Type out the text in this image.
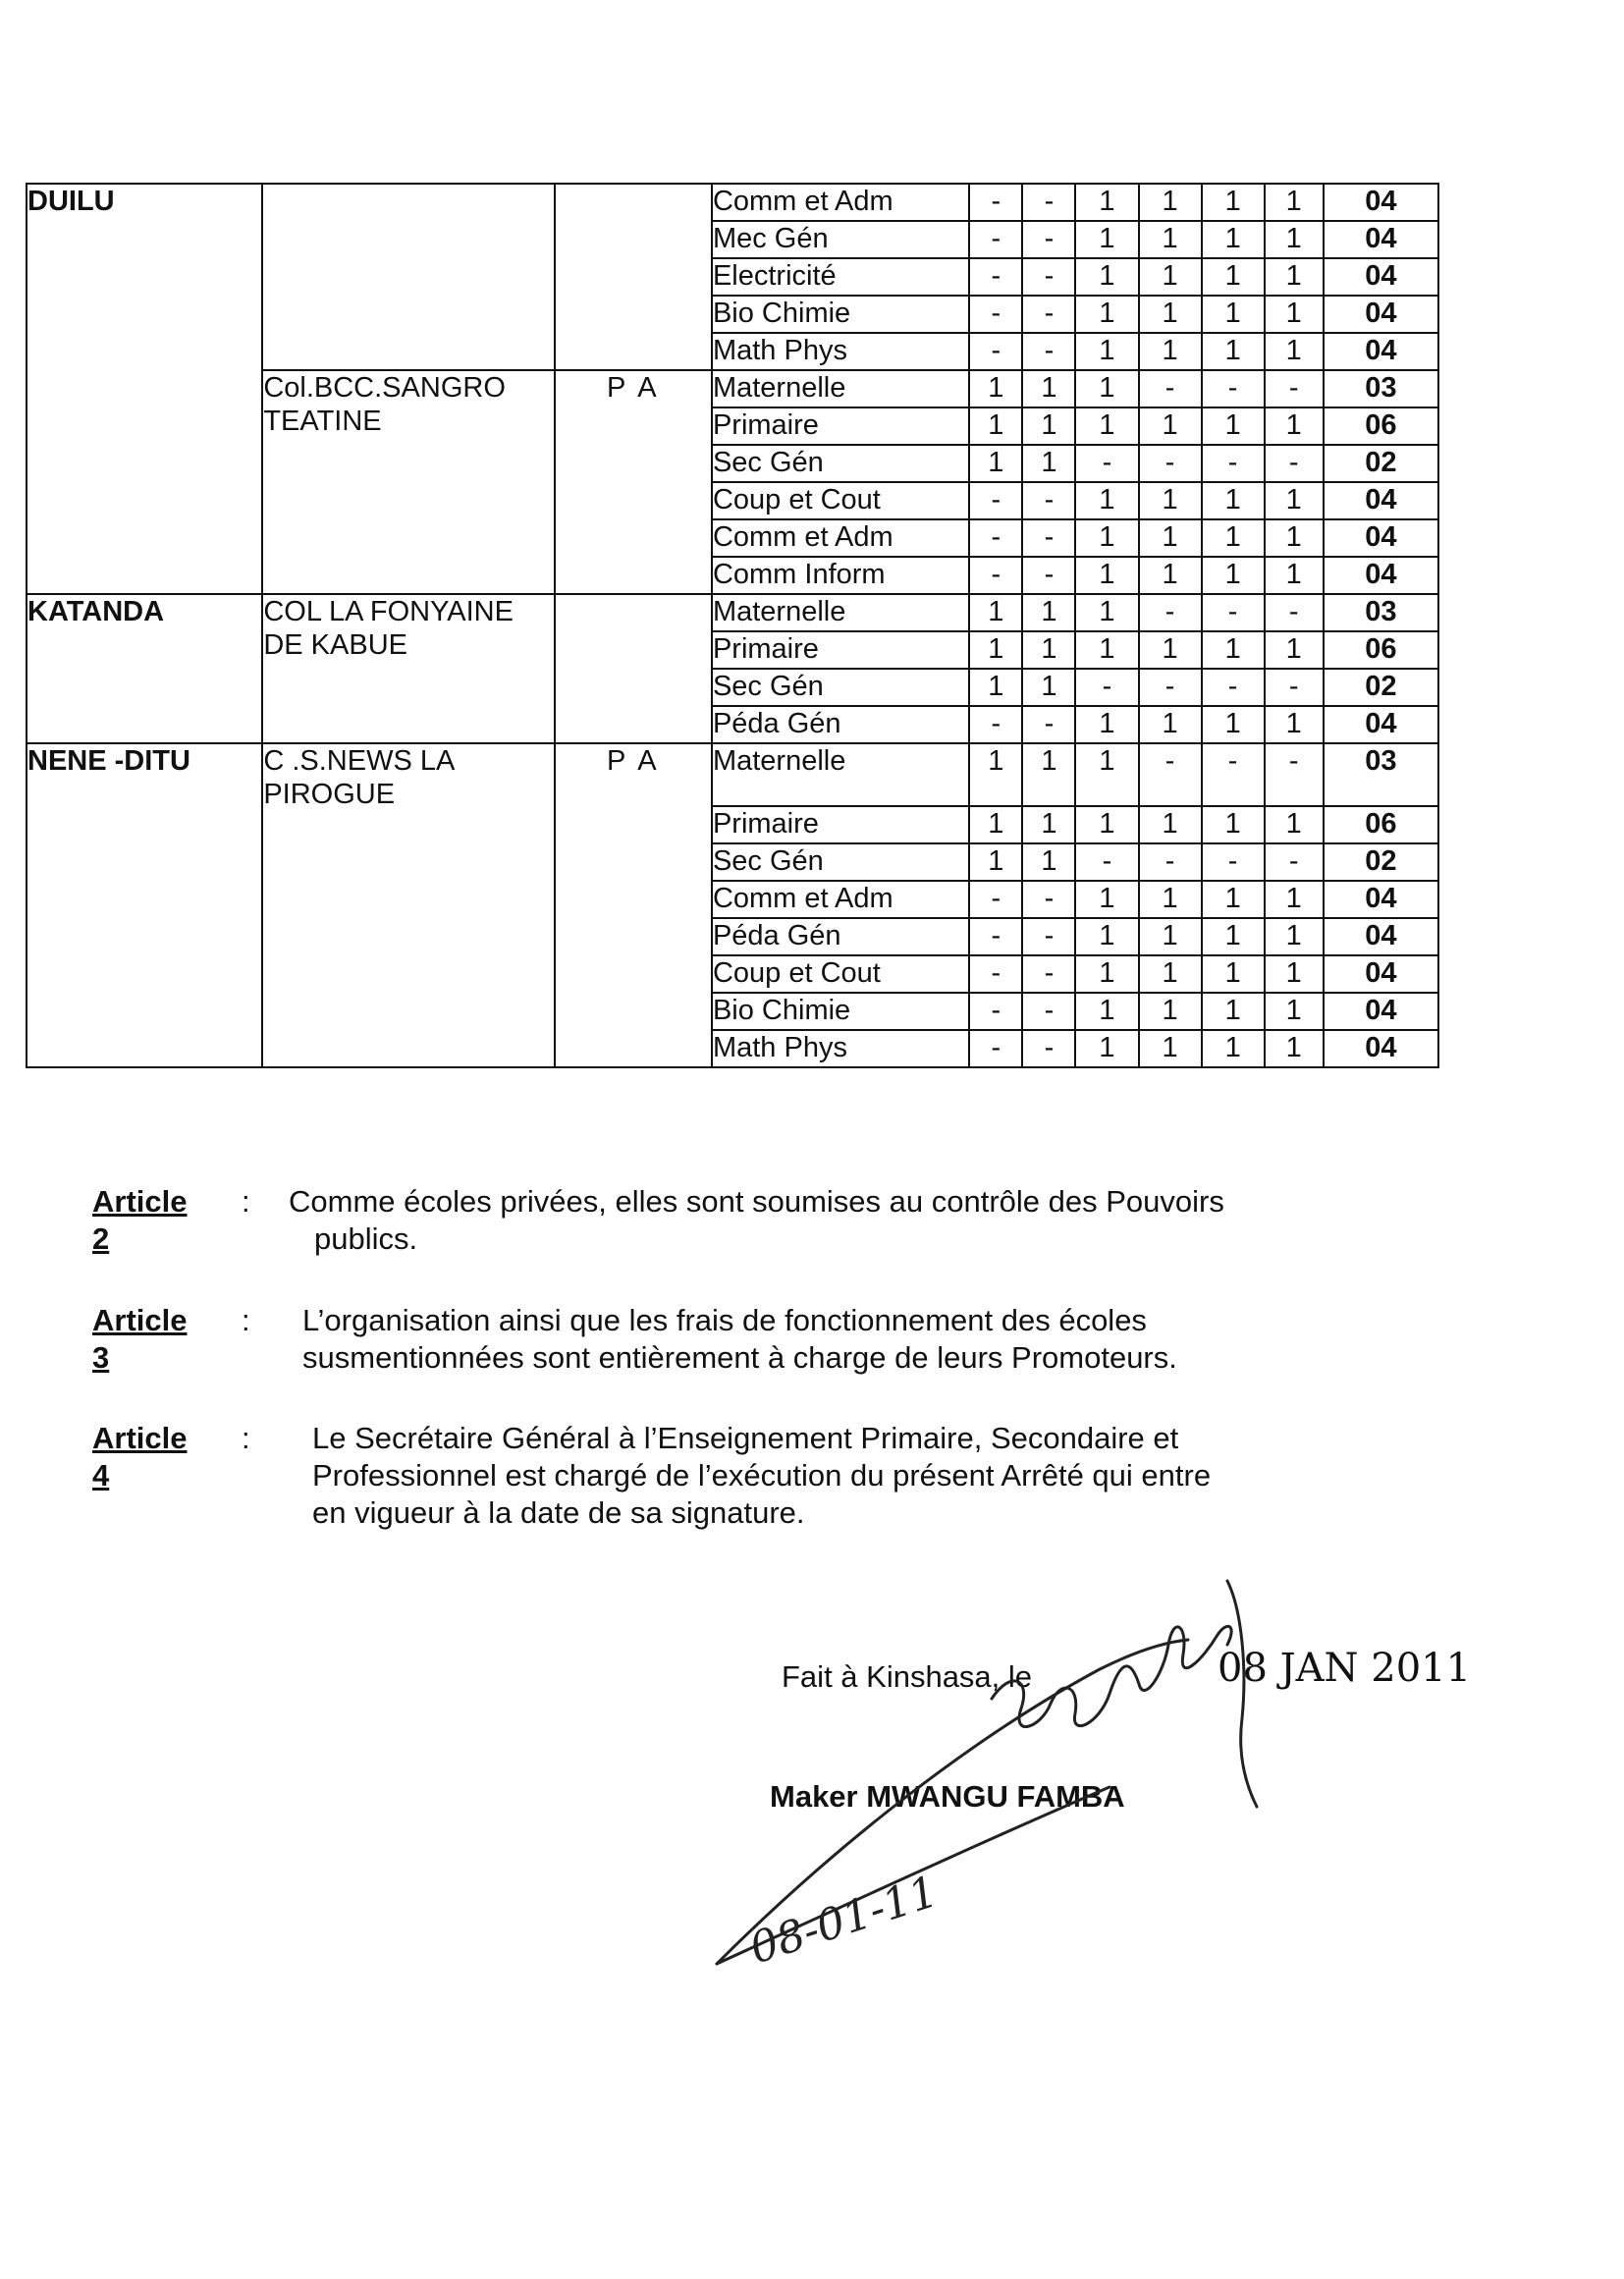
DUILU			Comm et Adm	-	-	1	1	1	1	04
			Mec Gén	-	-	1	1	1	1	04
			Electricité	-	-	1	1	1	1	04
			Bio Chimie	-	-	1	1	1	1	04
			Math Phys	-	-	1	1	1	1	04
	Col.BCC.SANGRO TEATINE	P A	Maternelle	1	1	1	-	-	-	03
			Primaire	1	1	1	1	1	1	06
			Sec Gén	1	1	-	-	-	-	02
			Coup et Cout	-	-	1	1	1	1	04
			Comm et Adm	-	-	1	1	1	1	04
			Comm Inform	-	-	1	1	1	1	04
KATANDA	COL LA FONYAINE DE KABUE		Maternelle	1	1	1	-	-	-	03
			Primaire	1	1	1	1	1	1	06
			Sec Gén	1	1	-	-	-	-	02
			Péda Gén	-	-	1	1	1	1	04
NENE -DITU	C .S.NEWS LA PIROGUE	P A	Maternelle	1	1	1	-	-	-	03
			Primaire	1	1	1	1	1	1	06
			Sec Gén	1	1	-	-	-	-	02
			Comm et Adm	-	-	1	1	1	1	04
			Péda Gén	-	-	1	1	1	1	04
			Coup et Cout	-	-	1	1	1	1	04
			Bio Chimie	-	-	1	1	1	1	04
			Math Phys	-	-	1	1	1	1	04
Article 2
: Comme écoles privées, elles sont soumises au contrôle des Pouvoirs
publics.
Article 3
: L’organisation ainsi que les frais de fonctionnement des écoles
susmentionnées sont entièrement à charge de leurs Promoteurs.
Article 4
: Le Secrétaire Général à l’Enseignement Primaire, Secondaire et
Professionnel est chargé de l’exécution du présent Arrêté qui entre
en vigueur à la date de sa signature.
Fait à Kinshasa, le	08 JAN 2011
Maker MWANGU FAMBA
08-01-11
